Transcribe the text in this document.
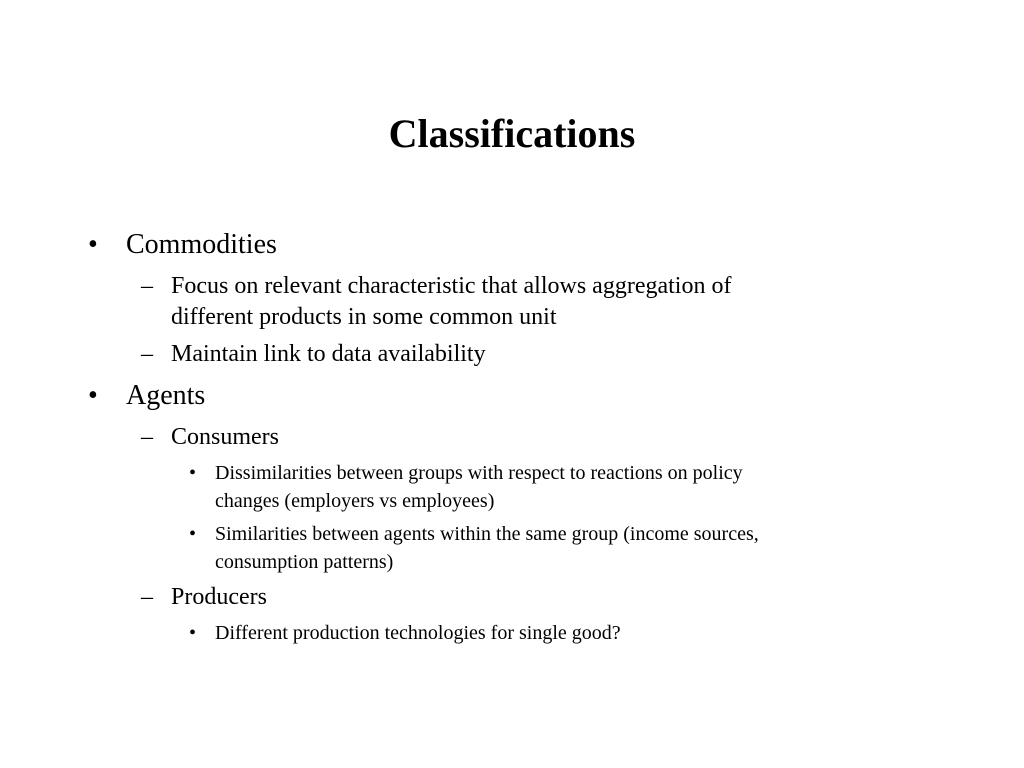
Classifications
• Commodities
– Focus on relevant characteristic that allows aggregation of
different products in some common unit
– Maintain link to data availability
• Agents
– Consumers
• Dissimilarities between groups with respect to reactions on policy
changes (employers vs employees)
• Similarities between agents within the same group (income sources,
consumption patterns)
– Producers
• Different production technologies for single good?
